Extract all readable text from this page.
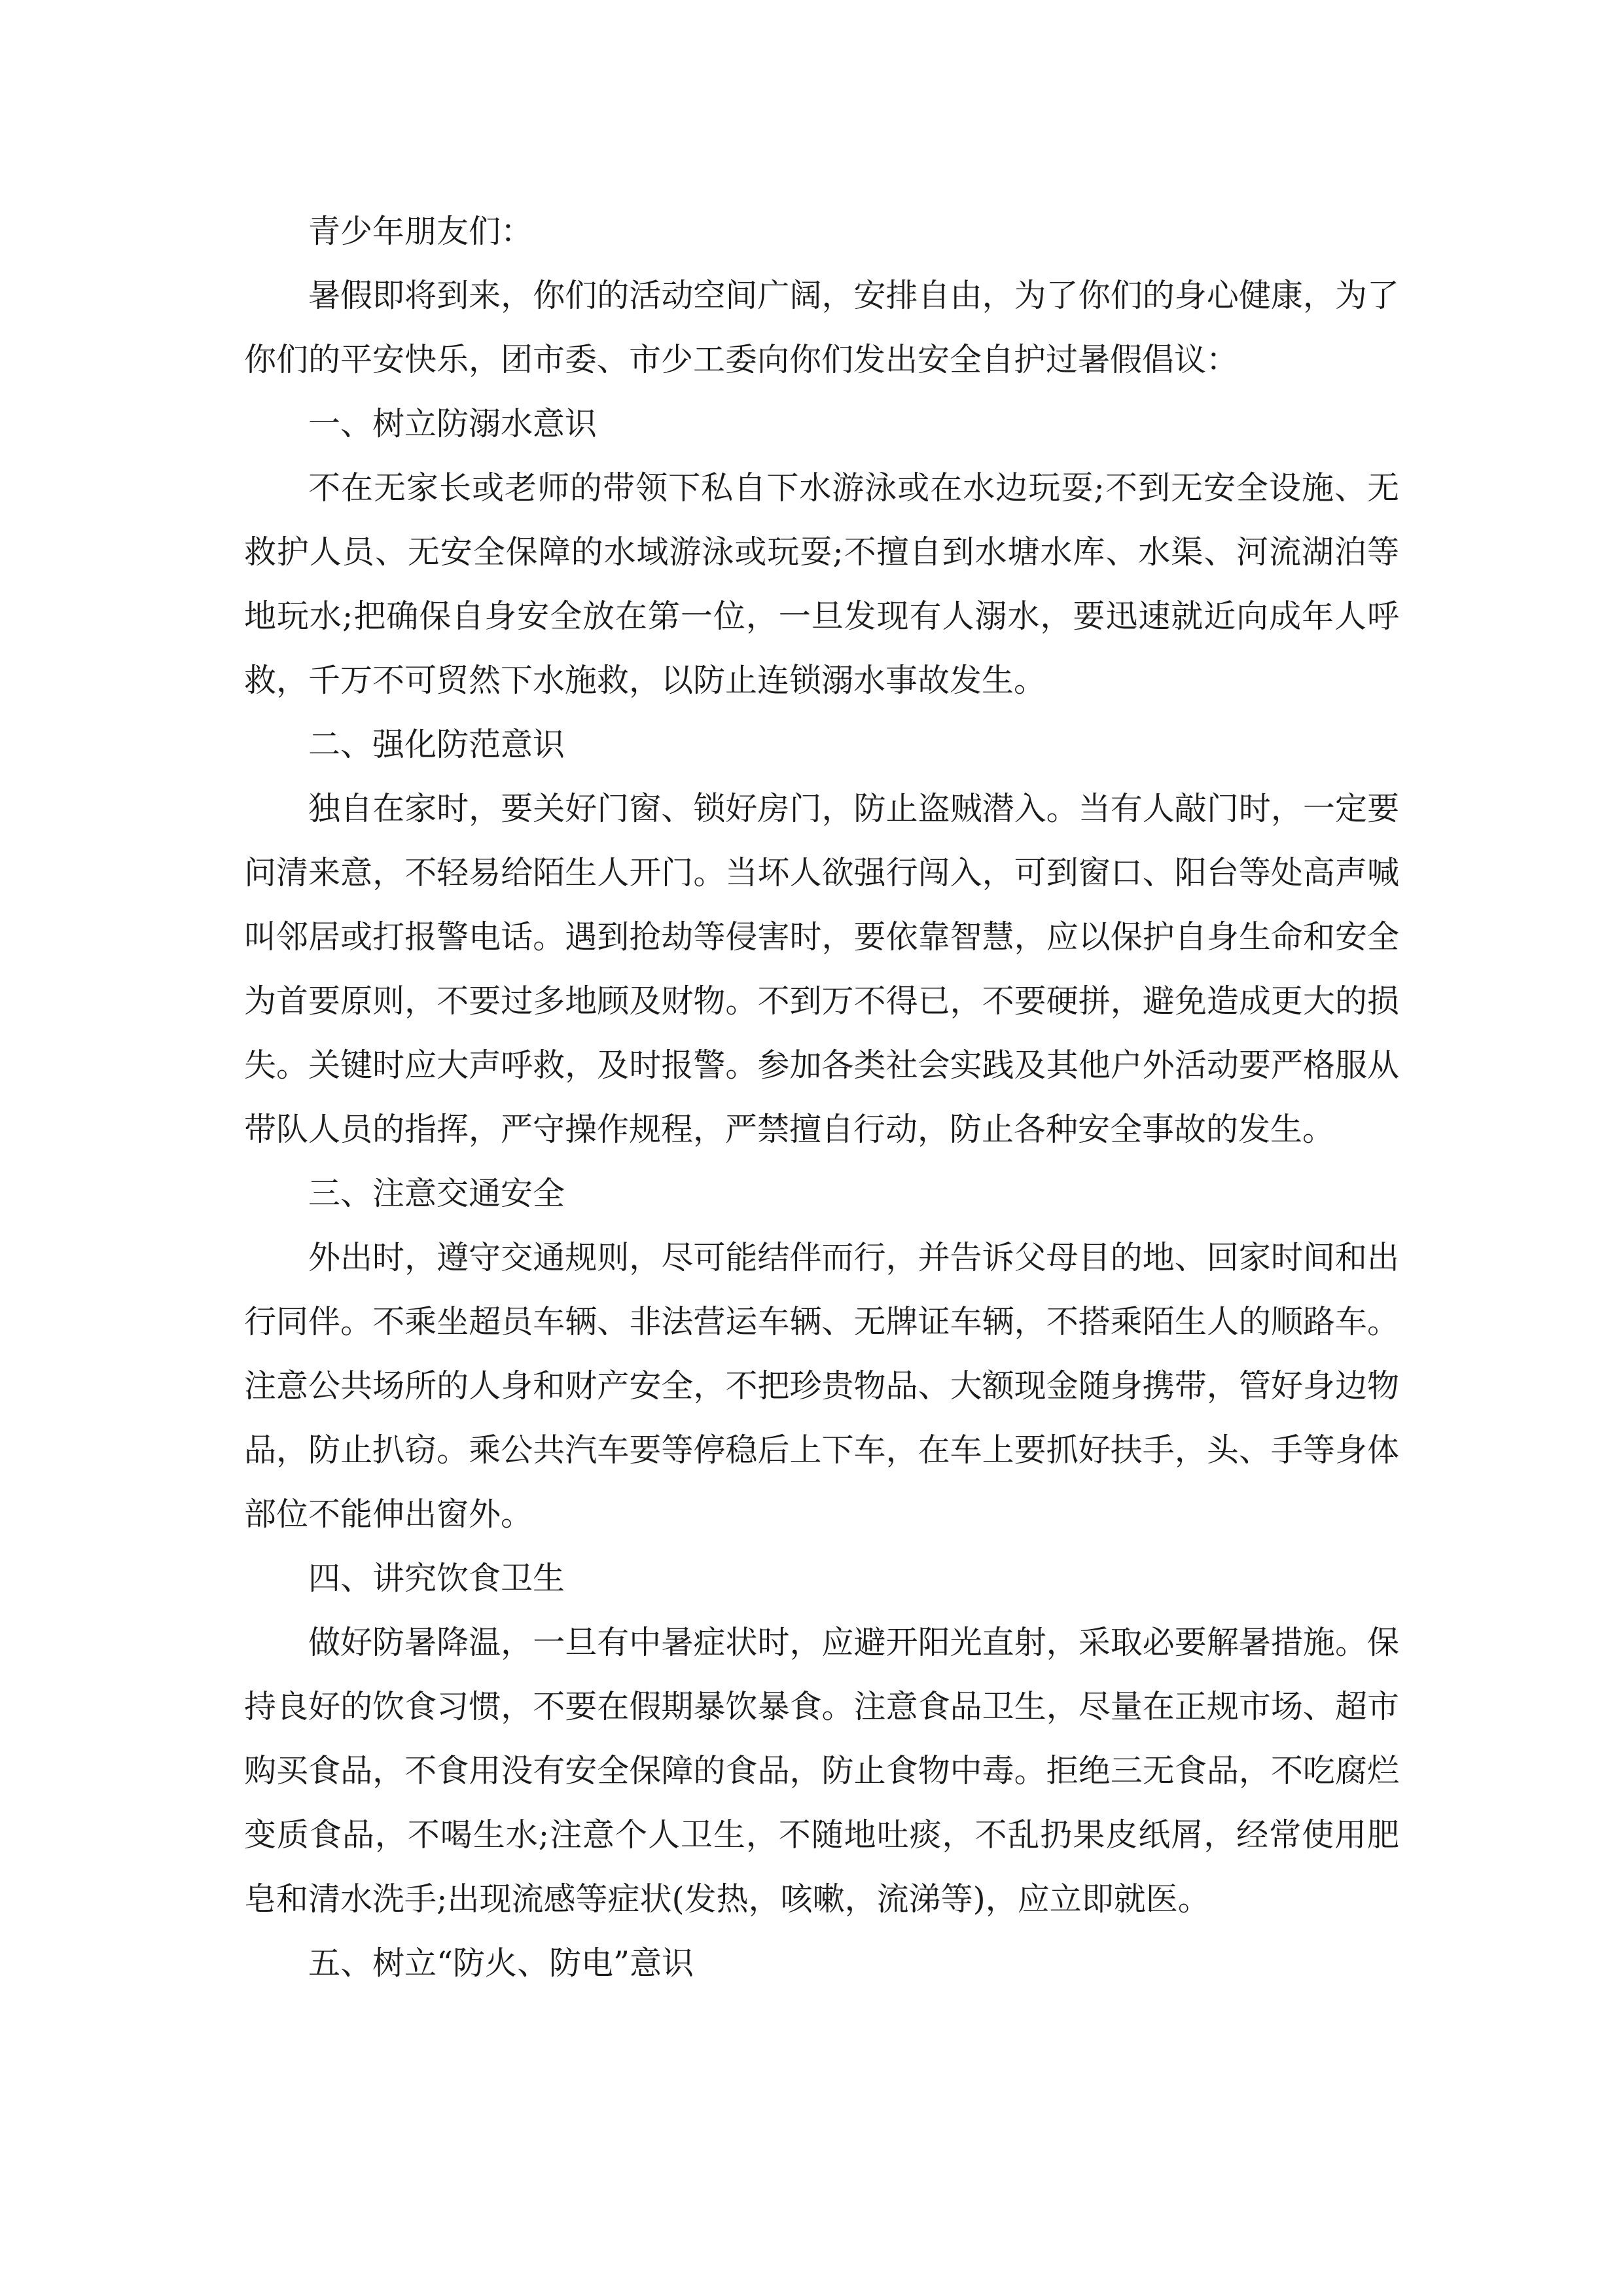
青少年朋友们：

暑假即将到来，你们的活动空间广阔，安排自由，为了你们的身心健康，为了你们的平安快乐，团市委、市少工委向你们发出安全自护过暑假倡议：

一、树立防溺水意识

不在无家长或老师的带领下私自下水游泳或在水边玩耍;不到无安全设施、无救护人员、无安全保障的水域游泳或玩耍;不擅自到水塘水库、水渠、河流湖泊等地玩水;把确保自身安全放在第一位，一旦发现有人溺水，要迅速就近向成年人呼救，千万不可贸然下水施救，以防止连锁溺水事故发生。

二、强化防范意识

独自在家时，要关好门窗、锁好房门，防止盗贼潜入。当有人敲门时，一定要问清来意，不轻易给陌生人开门。当坏人欲强行闯入，可到窗口、阳台等处高声喊叫邻居或打报警电话。遇到抢劫等侵害时，要依靠智慧，应以保护自身生命和安全为首要原则，不要过多地顾及财物。不到万不得已，不要硬拼，避免造成更大的损失。关键时应大声呼救，及时报警。参加各类社会实践及其他户外活动要严格服从带队人员的指挥，严守操作规程，严禁擅自行动，防止各种安全事故的发生。

三、注意交通安全

外出时，遵守交通规则，尽可能结伴而行，并告诉父母目的地、回家时间和出行同伴。不乘坐超员车辆、非法营运车辆、无牌证车辆，不搭乘陌生人的顺路车。注意公共场所的人身和财产安全，不把珍贵物品、大额现金随身携带，管好身边物品，防止扒窃。乘公共汽车要等停稳后上下车，在车上要抓好扶手，头、手等身体部位不能伸出窗外。

四、讲究饮食卫生

做好防暑降温，一旦有中暑症状时，应避开阳光直射，采取必要解暑措施。保持良好的饮食习惯，不要在假期暴饮暴食。注意食品卫生，尽量在正规市场、超市购买食品，不食用没有安全保障的食品，防止食物中毒。拒绝三无食品，不吃腐烂变质食品，不喝生水;注意个人卫生，不随地吐痰，不乱扔果皮纸屑，经常使用肥皂和清水洗手;出现流感等症状(发热，咳嗽，流涕等)，应立即就医。

五、树立“防火、防电”意识
